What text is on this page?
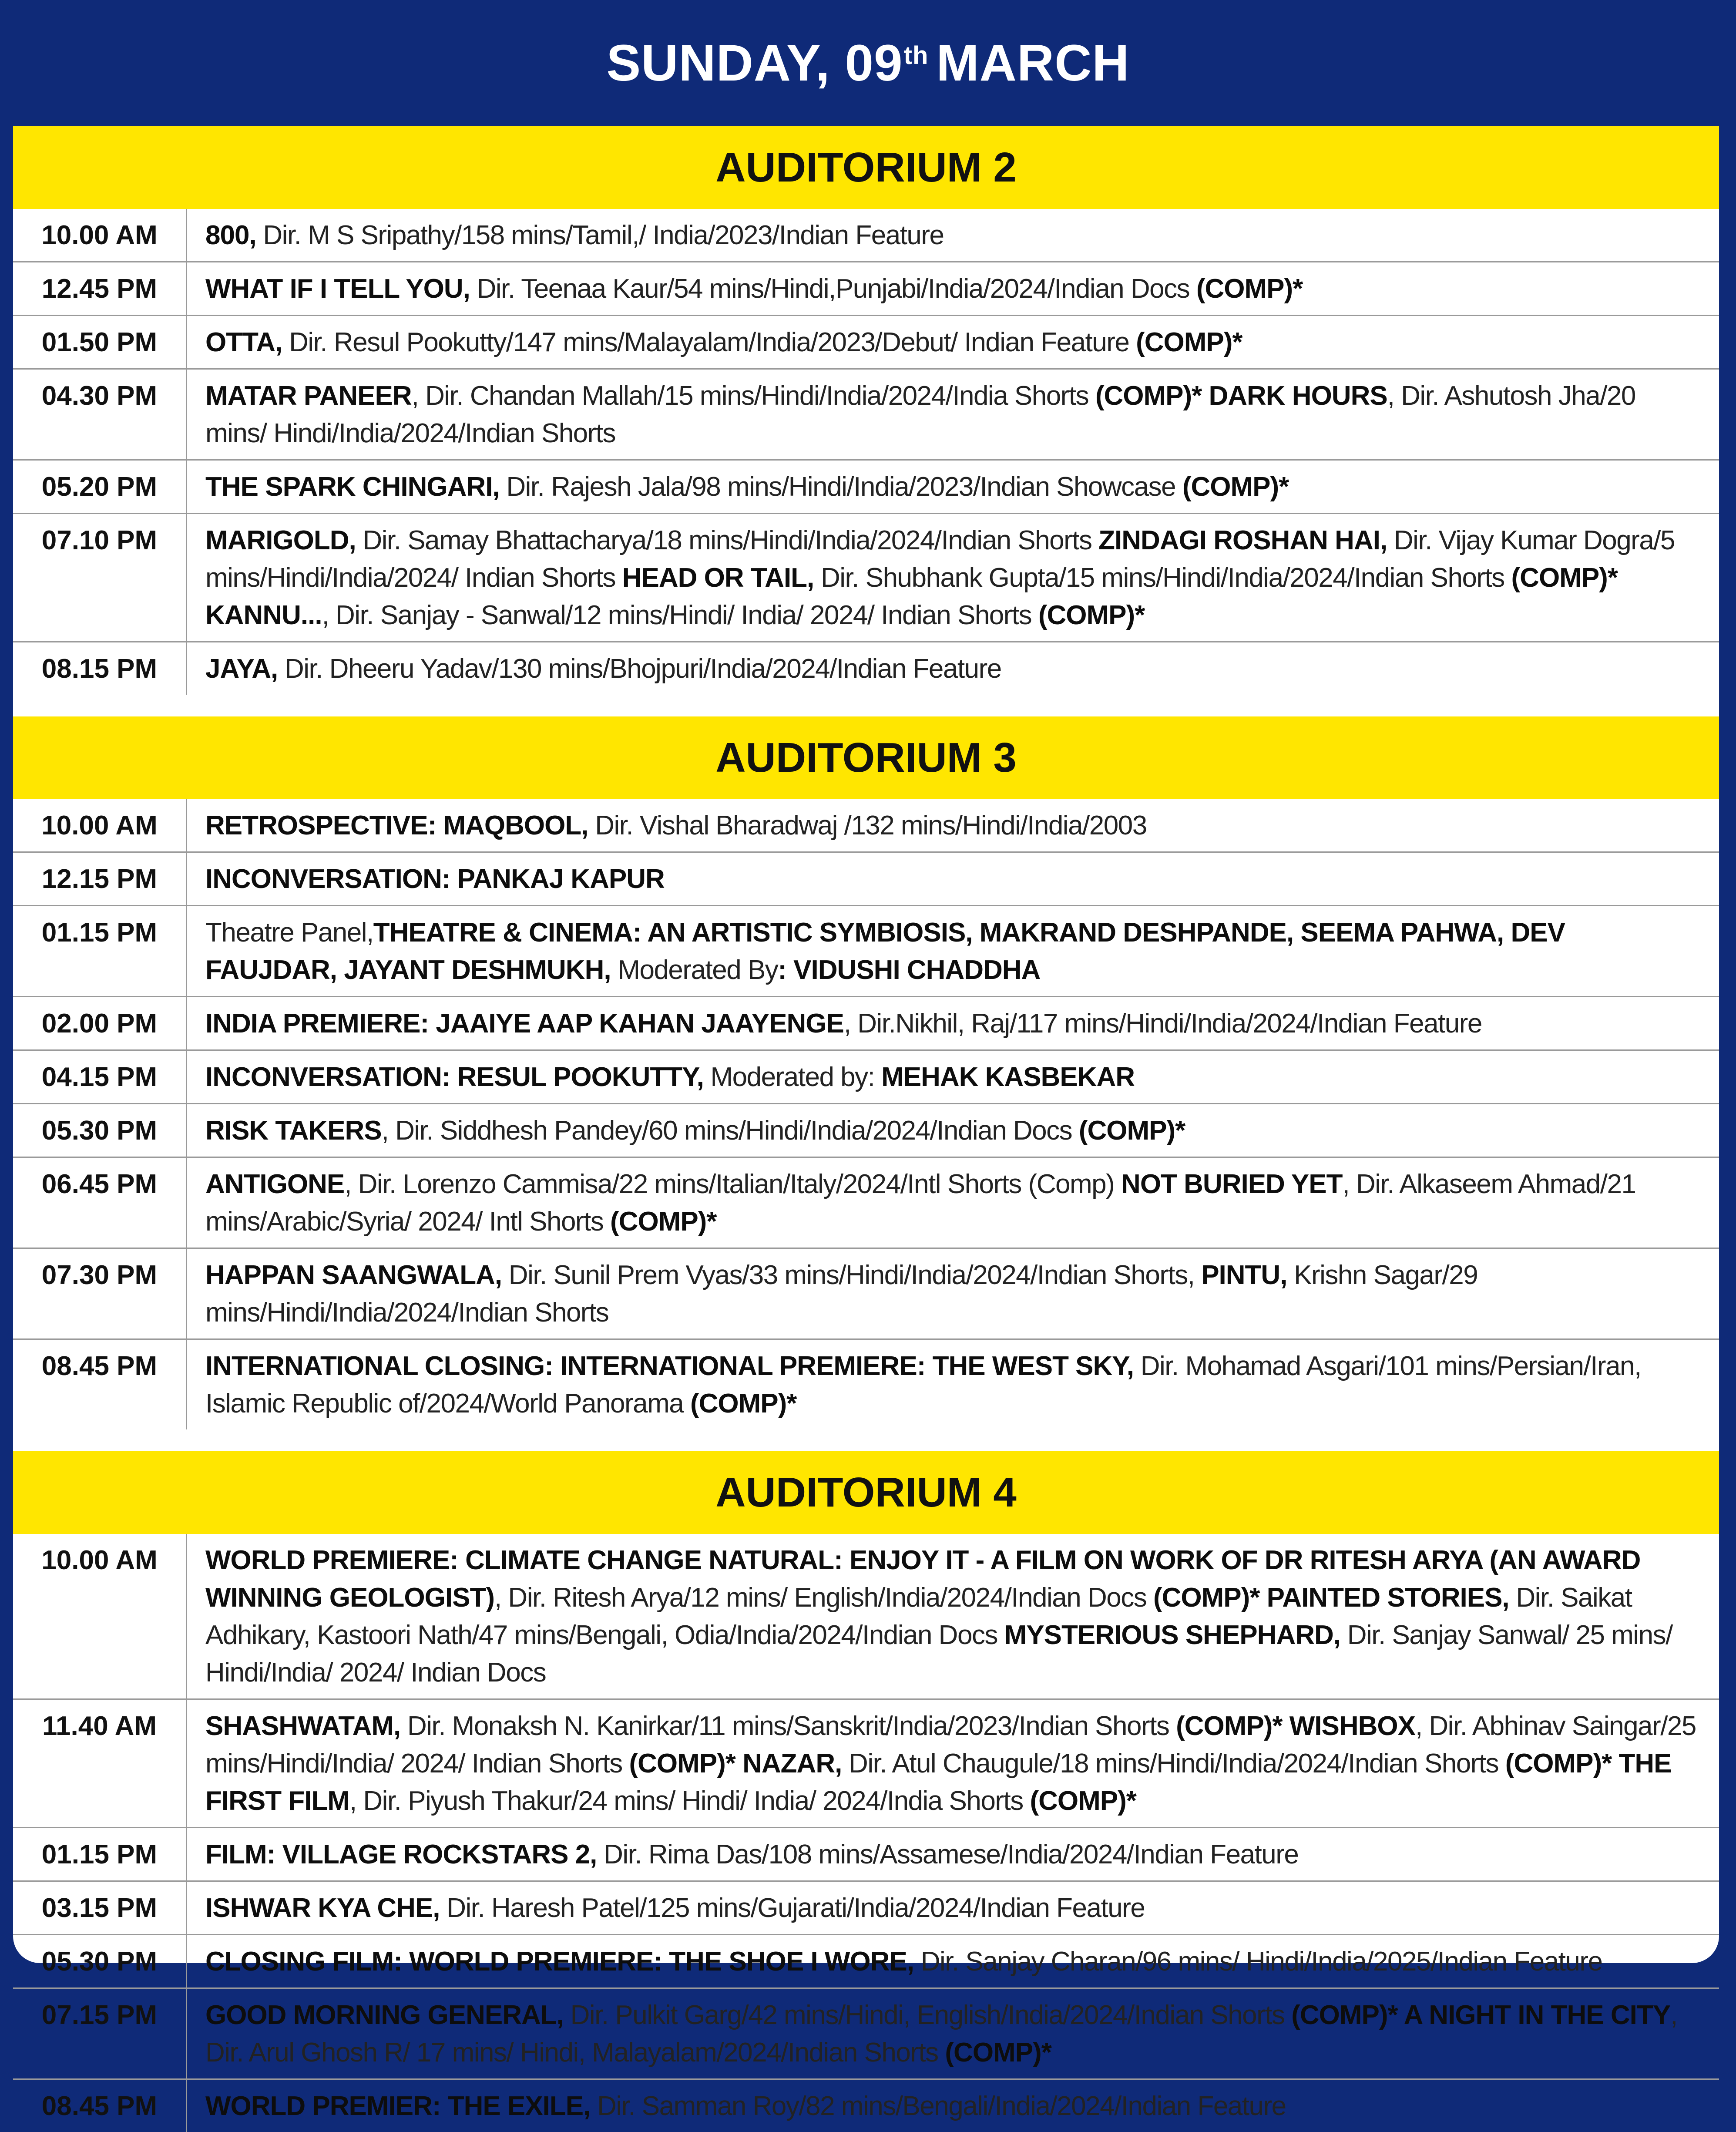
SUNDAY, 09th MARCH
AUDITORIUM 2
10.00 AM	800, Dir. M S Sripathy/158 mins/Tamil,/ India/2023/Indian Feature
12.45 PM	WHAT IF I TELL YOU, Dir. Teenaa Kaur/54 mins/Hindi,Punjabi/India/2024/Indian Docs (COMP)*
01.50 PM	OTTA, Dir. Resul Pookutty/147 mins/Malayalam/India/2023/Debut/ Indian Feature (COMP)*
04.30 PM	MATAR PANEER, Dir. Chandan Mallah/15 mins/Hindi/India/2024/India Shorts (COMP)* DARK HOURS, Dir. Ashutosh Jha/20 mins/ Hindi/India/2024/Indian Shorts
05.20 PM	THE SPARK CHINGARI, Dir. Rajesh Jala/98 mins/Hindi/India/2023/Indian Showcase (COMP)*
07.10 PM	MARIGOLD, Dir. Samay Bhattacharya/18 mins/Hindi/India/2024/Indian Shorts ZINDAGI ROSHAN HAI, Dir. Vijay Kumar Dogra/5 mins/Hindi/India/2024/ Indian Shorts HEAD OR TAIL, Dir. Shubhank Gupta/15 mins/Hindi/India/2024/Indian Shorts (COMP)* KANNU..., Dir. Sanjay - Sanwal/12 mins/Hindi/ India/ 2024/ Indian Shorts (COMP)*
08.15 PM	JAYA, Dir. Dheeru Yadav/130 mins/Bhojpuri/India/2024/Indian Feature
AUDITORIUM 3
10.00 AM	RETROSPECTIVE: MAQBOOL, Dir. Vishal Bharadwaj /132 mins/Hindi/India/2003
12.15 PM	INCONVERSATION: PANKAJ KAPUR
01.15 PM	Theatre Panel,THEATRE & CINEMA: AN ARTISTIC SYMBIOSIS, MAKRAND DESHPANDE, SEEMA PAHWA, DEV FAUJDAR, JAYANT DESHMUKH, Moderated By: VIDUSHI CHADDHA
02.00 PM	INDIA PREMIERE: JAAIYE AAP KAHAN JAAYENGE, Dir.Nikhil, Raj/117 mins/Hindi/India/2024/Indian Feature
04.15 PM	INCONVERSATION: RESUL POOKUTTY, Moderated by: MEHAK KASBEKAR
05.30 PM	RISK TAKERS, Dir. Siddhesh Pandey/60 mins/Hindi/India/2024/Indian Docs (COMP)*
06.45 PM	ANTIGONE, Dir. Lorenzo Cammisa/22 mins/Italian/Italy/2024/Intl Shorts (Comp) NOT BURIED YET, Dir. Alkaseem Ahmad/21 mins/Arabic/Syria/ 2024/ Intl Shorts (COMP)*
07.30 PM	HAPPAN SAANGWALA, Dir. Sunil Prem Vyas/33 mins/Hindi/India/2024/Indian Shorts, PINTU, Krishn Sagar/29 mins/Hindi/India/2024/Indian Shorts
08.45 PM	INTERNATIONAL CLOSING: INTERNATIONAL PREMIERE: THE WEST SKY, Dir. Mohamad Asgari/101 mins/Persian/Iran, Islamic Republic of/2024/World Panorama (COMP)*
AUDITORIUM 4
10.00 AM	WORLD PREMIERE: CLIMATE CHANGE NATURAL: ENJOY IT - A FILM ON WORK OF DR RITESH ARYA (AN AWARD WINNING GEOLOGIST), Dir. Ritesh Arya/12 mins/ English/India/2024/Indian Docs (COMP)* PAINTED STORIES, Dir. Saikat Adhikary, Kastoori Nath/47 mins/Bengali, Odia/India/2024/Indian Docs MYSTERIOUS SHEPHARD, Dir. Sanjay Sanwal/ 25 mins/ Hindi/India/ 2024/ Indian Docs
11.40 AM	SHASHWATAM, Dir. Monaksh N. Kanirkar/11 mins/Sanskrit/India/2023/Indian Shorts (COMP)* WISHBOX, Dir. Abhinav Saingar/25 mins/Hindi/India/ 2024/ Indian Shorts (COMP)* NAZAR, Dir. Atul Chaugule/18 mins/Hindi/India/2024/Indian Shorts (COMP)* THE FIRST FILM, Dir. Piyush Thakur/24 mins/ Hindi/ India/ 2024/India Shorts (COMP)*
01.15 PM	FILM: VILLAGE ROCKSTARS 2, Dir. Rima Das/108 mins/Assamese/India/2024/Indian Feature
03.15 PM	ISHWAR KYA CHE, Dir. Haresh Patel/125 mins/Gujarati/India/2024/Indian Feature
05.30 PM	CLOSING FILM: WORLD PREMIERE: THE SHOE I WORE, Dir. Sanjay Charan/96 mins/ Hindi/India/2025/Indian Feature
07.15 PM	GOOD MORNING GENERAL, Dir. Pulkit Garg/42 mins/Hindi, English/India/2024/Indian Shorts (COMP)* A NIGHT IN THE CITY, Dir. Arul Ghosh R/ 17 mins/ Hindi, Malayalam/2024/Indian Shorts (COMP)*
08.45 PM	WORLD PREMIER: THE EXILE, Dir. Samman Roy/82 mins/Bengali/India/2024/Indian Feature
